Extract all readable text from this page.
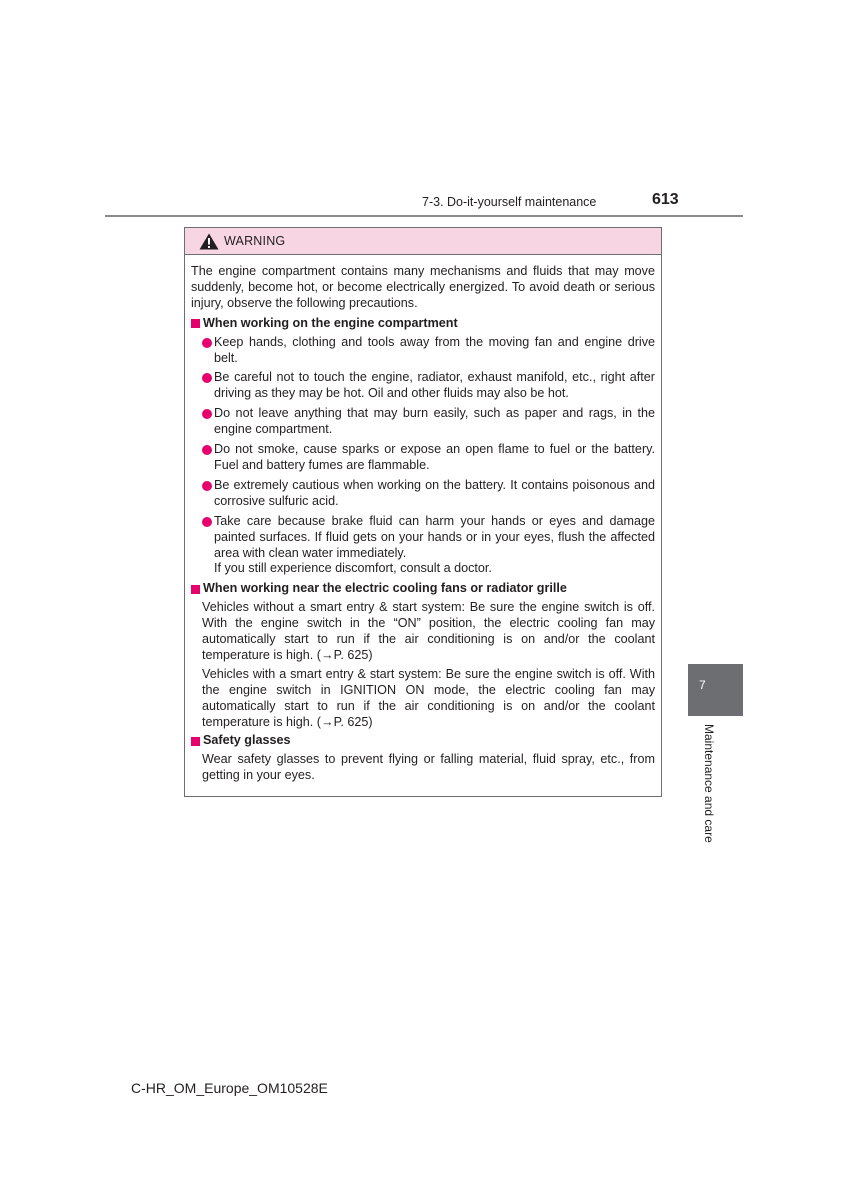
7-3. Do-it-yourself maintenance	613
WARNING

The engine compartment contains many mechanisms and fluids that may move suddenly, become hot, or become electrically energized. To avoid death or serious injury, observe the following precautions.

When working on the engine compartment
Keep hands, clothing and tools away from the moving fan and engine drive belt.
Be careful not to touch the engine, radiator, exhaust manifold, etc., right after driving as they may be hot. Oil and other fluids may also be hot.
Do not leave anything that may burn easily, such as paper and rags, in the engine compartment.
Do not smoke, cause sparks or expose an open flame to fuel or the battery. Fuel and battery fumes are flammable.
Be extremely cautious when working on the battery. It contains poisonous and corrosive sulfuric acid.
Take care because brake fluid can harm your hands or eyes and damage painted surfaces. If fluid gets on your hands or in your eyes, flush the affected area with clean water immediately.
If you still experience discomfort, consult a doctor.
When working near the electric cooling fans or radiator grille

Vehicles without a smart entry & start system: Be sure the engine switch is off. With the engine switch in the “ON” position, the electric cooling fan may automatically start to run if the air conditioning is on and/or the coolant temperature is high. (→P. 625)

Vehicles with a smart entry & start system: Be sure the engine switch is off. With the engine switch in IGNITION ON mode, the electric cooling fan may automatically start to run if the air conditioning is on and/or the coolant temperature is high. (→P. 625)

Safety glasses

Wear safety glasses to prevent flying or falling material, fluid spray, etc., from getting in your eyes.

7
Maintenance and care
C-HR_OM_Europe_OM10528E
